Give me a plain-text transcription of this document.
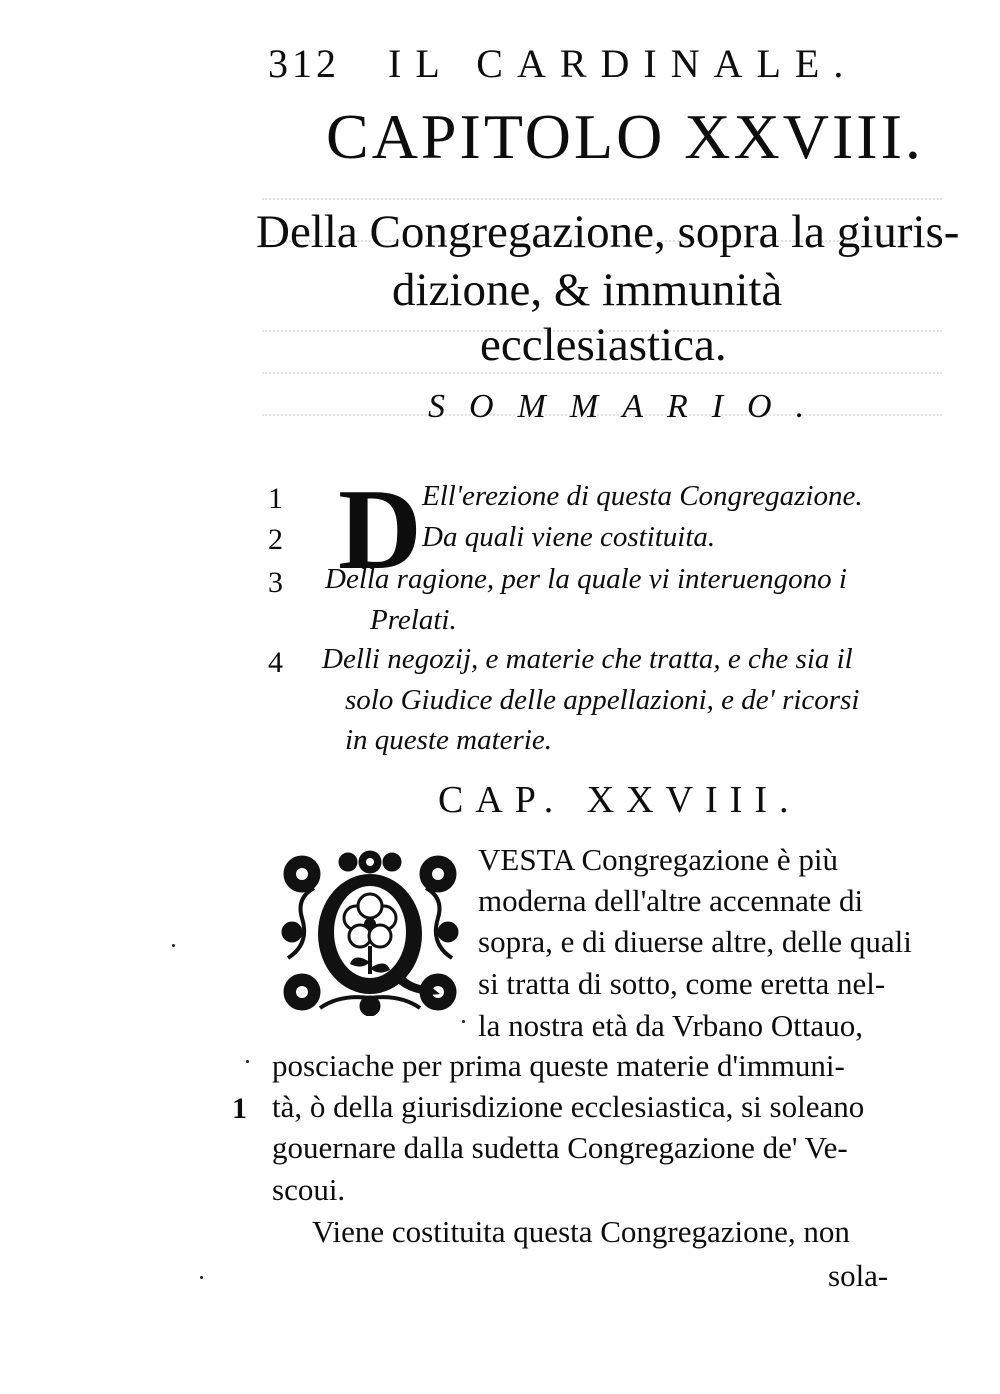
312 IL CARDINALE.
CAPITOLO XXVIII.
Della Congregazione, sopra la giuris-
dizione, & immunità
ecclesiastica.
SOMMARIO.
D
1	Ell'erezione di questa Congregazione.
2	Da quali viene costituita.
3 Della ragione, per la quale vi interuengono i
Prelati.
4 Delli negozij, e materie che tratta, e che sia il
solo Giudice delle appellazioni, e de' ricorsi
in queste materie.
CAP. XXVIII.
VESTA Congregazione è più
moderna dell'altre accennate di
sopra, e di diuerse altre, delle quali
si tratta di sotto, come eretta nel-
la nostra età da Vrbano Ottauo,
posciache per prima queste materie d'immuni-
tà, ò della giurisdizione ecclesiastica, si soleano
gouernare dalla sudetta Congregazione de' Ve-
scoui.
Viene costituita questa Congregazione, non
1
sola-
